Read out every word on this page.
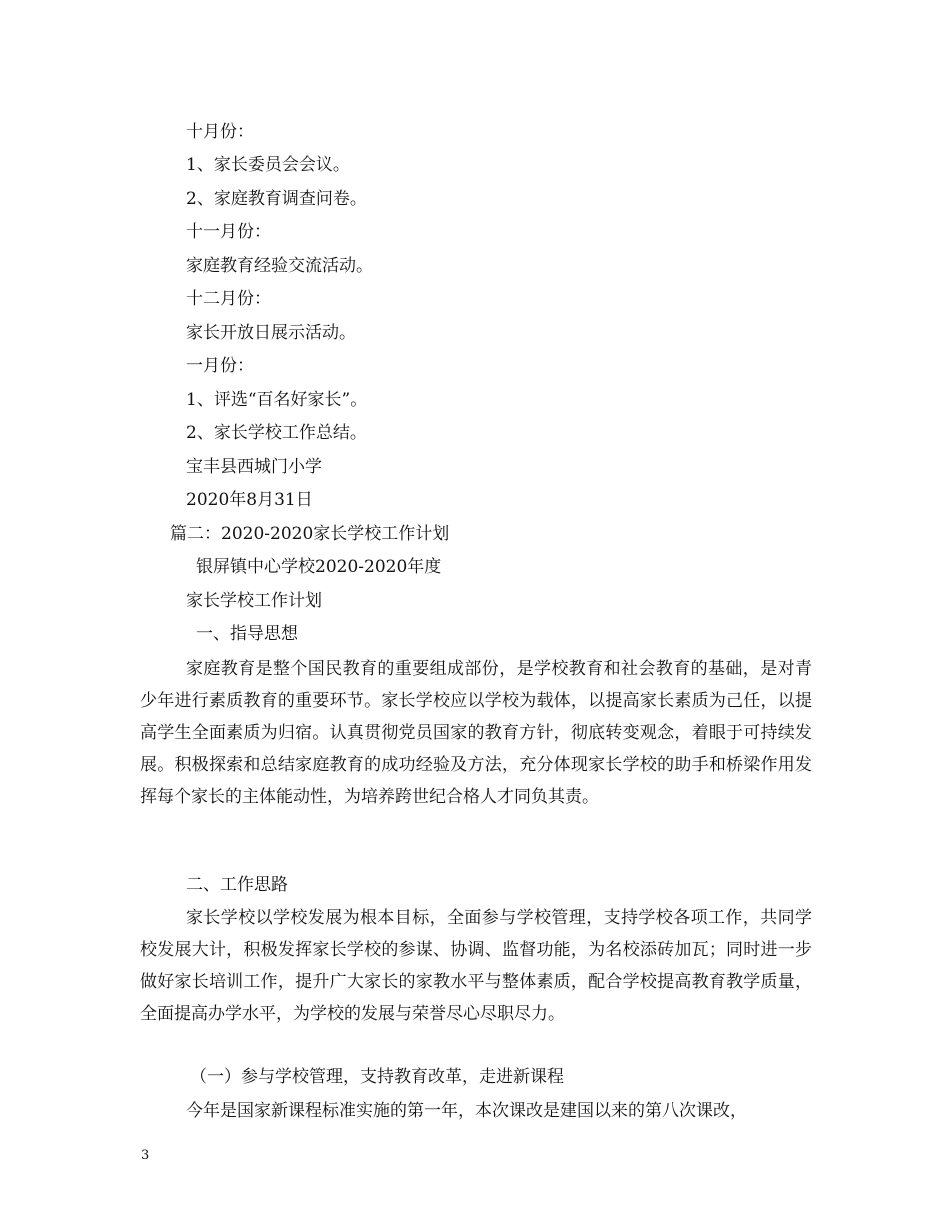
十月份：
1、家长委员会会议。
2、家庭教育调查问卷。
十一月份：
家庭教育经验交流活动。
十二月份：
家长开放日展示活动。
一月份：
1、评选“百名好家长”。
2、家长学校工作总结。
宝丰县西城门小学
2020年8月31日
篇二：2020-2020家长学校工作计划
银屏镇中心学校2020-2020年度
家长学校工作计划
一、指导思想

家庭教育是整个国民教育的重要组成部份，是学校教育和社会教育的基础，是对青少年进行素质教育的重要环节。家长学校应以学校为载体，以提高家长素质为己任，以提高学生全面素质为归宿。认真贯彻党员国家的教育方针，彻底转变观念，着眼于可持续发展。积极探索和总结家庭教育的成功经验及方法，充分体现家长学校的助手和桥梁作用发挥每个家长的主体能动性，为培养跨世纪合格人才同负其责。

二、工作思路

家长学校以学校发展为根本目标，全面参与学校管理，支持学校各项工作，共同学校发展大计，积极发挥家长学校的参谋、协调、监督功能，为名校添砖加瓦；同时进一步做好家长培训工作，提升广大家长的家教水平与整体素质，配合学校提高教育教学质量，全面提高办学水平，为学校的发展与荣誉尽心尽职尽力。

（一）参与学校管理，支持教育改革，走进新课程

今年是国家新课程标准实施的第一年，本次课改是建国以来的第八次课改，

3
